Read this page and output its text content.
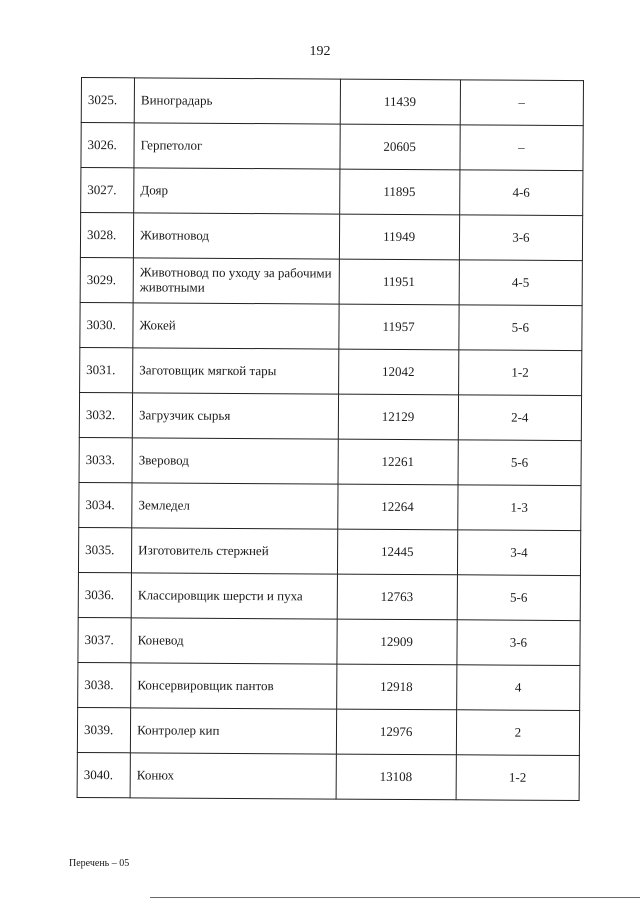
192
3025.	Виноградарь	11439	–
3026.	Герпетолог	20605	–
3027.	Дояр	11895	4-6
3028.	Животновод	11949	3-6
3029.	Животновод по уходу за рабочими животными	11951	4-5
3030.	Жокей	11957	5-6
3031.	Заготовщик мягкой тары	12042	1-2
3032.	Загрузчик сырья	12129	2-4
3033.	Зверовод	12261	5-6
3034.	Земледел	12264	1-3
3035.	Изготовитель стержней	12445	3-4
3036.	Классировщик шерсти и пуха	12763	5-6
3037.	Коневод	12909	3-6
3038.	Консервировщик пантов	12918	4
3039.	Контролер кип	12976	2
3040.	Конюх	13108	1-2
Перечень – 05
